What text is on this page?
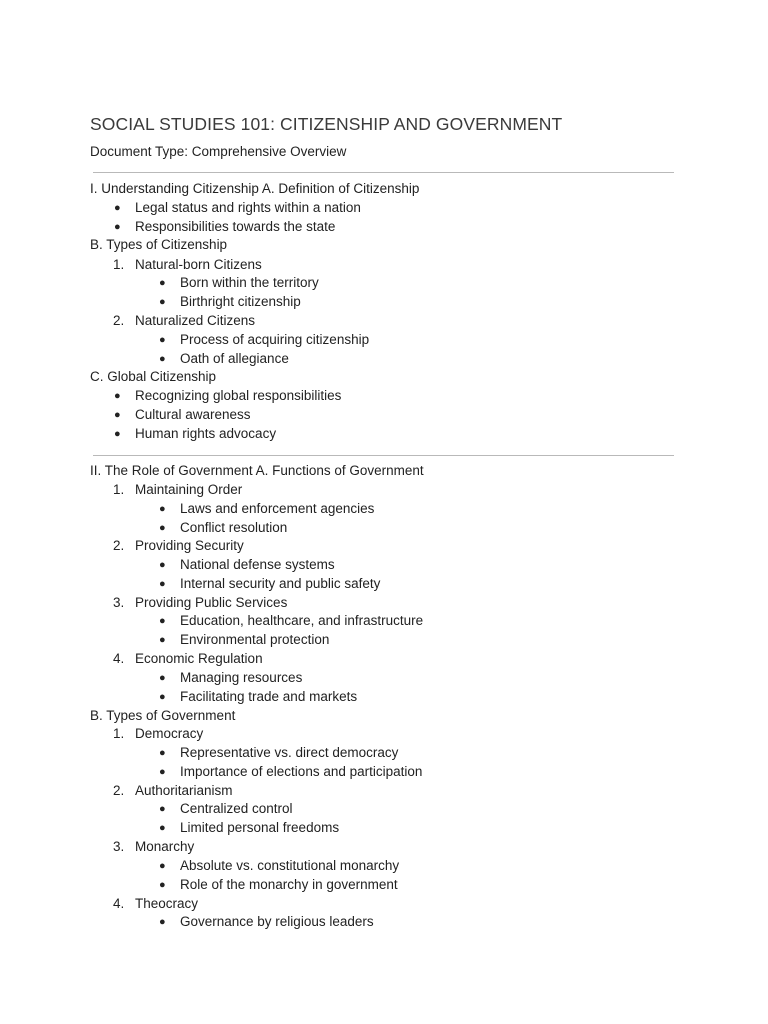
SOCIAL STUDIES 101: CITIZENSHIP AND GOVERNMENT
Document Type: Comprehensive Overview
I. Understanding Citizenship A. Definition of Citizenship
● Legal status and rights within a nation
● Responsibilities towards the state
B. Types of Citizenship
1. Natural-born Citizens
● Born within the territory
● Birthright citizenship
2. Naturalized Citizens
● Process of acquiring citizenship
● Oath of allegiance
C. Global Citizenship
● Recognizing global responsibilities
● Cultural awareness
● Human rights advocacy
II. The Role of Government A. Functions of Government
1. Maintaining Order
● Laws and enforcement agencies
● Conflict resolution
2. Providing Security
● National defense systems
● Internal security and public safety
3. Providing Public Services
● Education, healthcare, and infrastructure
● Environmental protection
4. Economic Regulation
● Managing resources
● Facilitating trade and markets
B. Types of Government
1. Democracy
● Representative vs. direct democracy
● Importance of elections and participation
2. Authoritarianism
● Centralized control
● Limited personal freedoms
3. Monarchy
● Absolute vs. constitutional monarchy
● Role of the monarchy in government
4. Theocracy
● Governance by religious leaders
